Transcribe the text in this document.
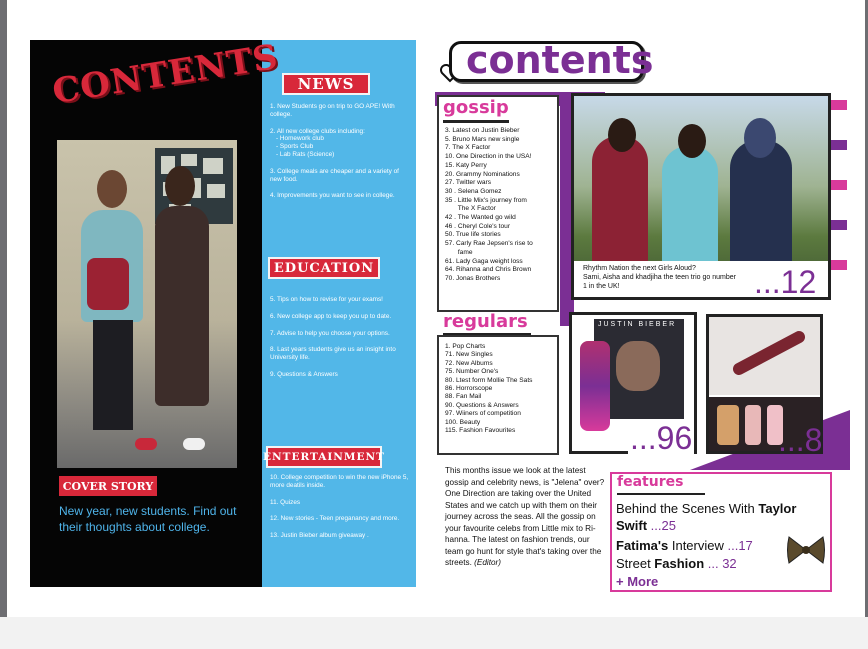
CONTENTS
COVER STORY
New year, new students. Find out their thoughts about college.
NEWS

1. New Students go on trip to GO APE! With college.

2. All new college clubs including:
- Homework club
- Sports Club

- Lab Rats (Science)

3. College meals are cheaper and a variety of new food.

4. Improvements you want to see in college.

EDUCATION

5. Tips on how to revise for your exams!

6. New college app to keep you up to date.

7. Advise to help you choose your options.

8. Last years students give us an insight into University life.

9. Questions & Answers

ENTERTAINMENT

10. College competition to win the new iPhone 5, more deatils inside.

11. Quizes

12. New stories - Teen preganancy and more.

13. Justin Bieber album giveaway .

contents
gossip
3. Latest on Justin Bieber
5. Bruno Mars new single
7. The X Factor
10. One Direction in the USA!
15. Katy Perry
20. Grammy Nominations
27. Twitter wars
30 . Selena Gomez
35 . Little Mix's journey from
The X Factor
42 . The Wanted go wild
46 . Cheryl Cole's tour
50. True life stories
57. Carly Rae Jepsen's rise to
fame
61. Lady Gaga weight loss
64. Rihanna and Chris Brown
70. Jonas Brothers
regulars
1. Pop Charts
71. New Singles
72. New Albums
75. Number One's
80. Ltest form Mollie The Sats
86. Horrorscope
88. Fan Mail
90. Questions & Answers
97. Wiiners of competition
100. Beauty
115. Fashion Favourites
Rhythm Nation the next Girls Aloud?
Sami, Aisha and khadjiha the teen trio go number
1 in the UK!	...12
JUSTIN BIEBER
...96	...8
This months issue we look at the latest gossip and celebrity news, is "Jelena" over? One Direction are taking over the United States and we catch up with them on their journey across the seas. All the gossip on your favourite celebs from Little mix to Ri-hanna. The latest on fashion trends, our team go hunt for style that's taking over the streets. (Editor)
features
Behind the Scenes With Taylor
Swift ...25
Fatima's Interview ...17
Street Fashion ... 32
+ More
